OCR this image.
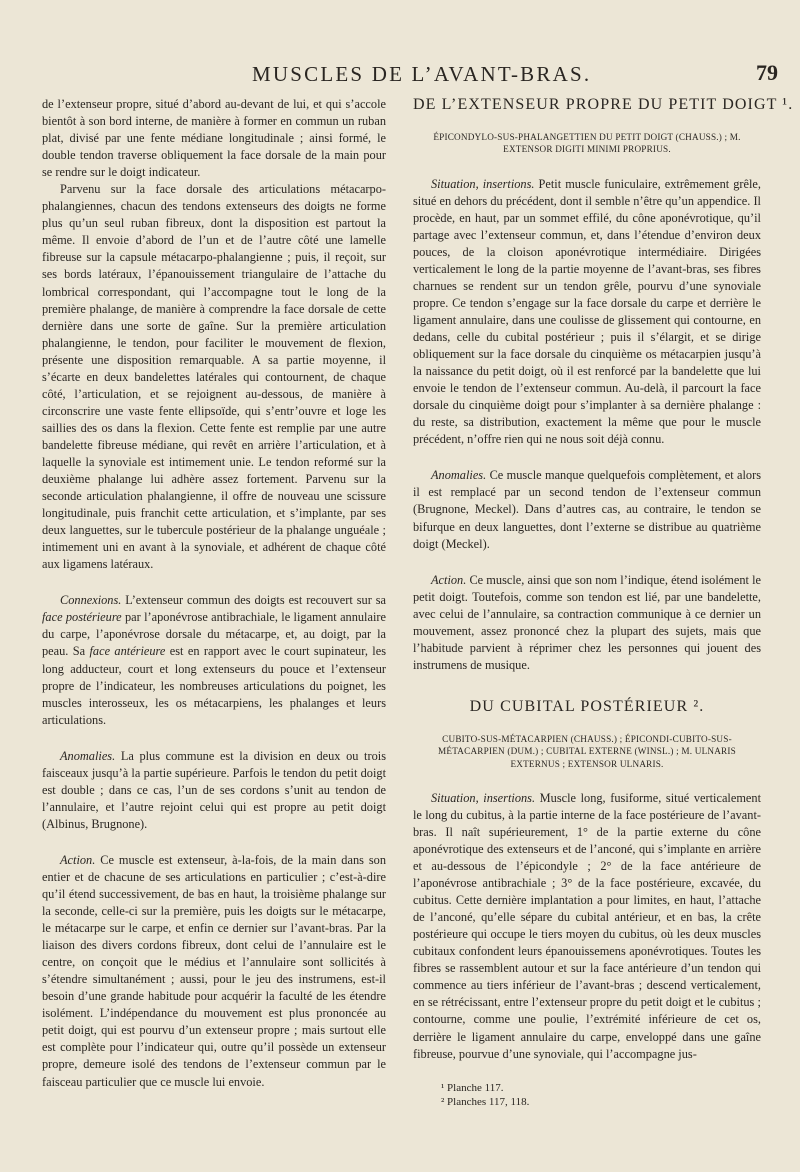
MUSCLES DE L’AVANT-BRAS.	79

de l’extenseur propre, situé d’abord au-devant de lui, et qui s’accole bientôt à son bord interne, de manière à former en commun un ruban plat, divisé par une fente médiane longitudinale ; ainsi formé, le double tendon traverse obliquement la face dorsale de la main pour se rendre sur le doigt indicateur.

Parvenu sur la face dorsale des articulations métacarpo-phalangiennes, chacun des tendons extenseurs des doigts ne forme plus qu’un seul ruban fibreux, dont la disposition est partout la même. Il envoie d’abord de l’un et de l’autre côté une lamelle fibreuse sur la capsule métacarpo-phalangienne ; puis, il reçoit, sur ses bords latéraux, l’épanouissement triangulaire de l’attache du lombrical correspondant, qui l’accompagne tout le long de la première phalange, de manière à comprendre la face dorsale de cette dernière dans une sorte de gaîne. Sur la première articulation phalangienne, le tendon, pour faciliter le mouvement de flexion, présente une disposition remarquable. A sa partie moyenne, il s’écarte en deux bandelettes latérales qui contournent, de chaque côté, l’articulation, et se rejoignent au-dessous, de manière à circonscrire une vaste fente ellipsoïde, qui s’entr’ouvre et loge les saillies des os dans la flexion. Cette fente est remplie par une autre bandelette fibreuse médiane, qui revêt en arrière l’articulation, et à laquelle la synoviale est intimement unie. Le tendon reformé sur la deuxième phalange lui adhère assez fortement. Parvenu sur la seconde articulation phalangienne, il offre de nouveau une scissure longitudinale, puis franchit cette articulation, et s’implante, par ses deux languettes, sur le tubercule postérieur de la phalange unguéale ; intimement uni en avant à la synoviale, et adhérent de chaque côté aux ligamens latéraux.

Connexions. L’extenseur commun des doigts est recouvert sur sa face postérieure par l’aponévrose antibrachiale, le ligament annulaire du carpe, l’aponévrose dorsale du métacarpe, et, au doigt, par la peau. Sa face antérieure est en rapport avec le court supinateur, les long adducteur, court et long extenseurs du pouce et l’extenseur propre de l’indicateur, les nombreuses articulations du poignet, les muscles interosseux, les os métacarpiens, les phalanges et leurs articulations.

Anomalies. La plus commune est la division en deux ou trois faisceaux jusqu’à la partie supérieure. Parfois le tendon du petit doigt est double ; dans ce cas, l’un de ses cordons s’unit au tendon de l’annulaire, et l’autre rejoint celui qui est propre au petit doigt (Albinus, Brugnone).

Action. Ce muscle est extenseur, à-la-fois, de la main dans son entier et de chacune de ses articulations en particulier ; c’est-à-dire qu’il étend successivement, de bas en haut, la troisième phalange sur la seconde, celle-ci sur la première, puis les doigts sur le métacarpe, le métacarpe sur le carpe, et enfin ce dernier sur l’avant-bras. Par la liaison des divers cordons fibreux, dont celui de l’annulaire est le centre, on conçoit que le médius et l’annulaire sont sollicités à s’étendre simultanément ; aussi, pour le jeu des instrumens, est-il besoin d’une grande habitude pour acquérir la faculté de les étendre isolément. L’indépendance du mouvement est plus prononcée au petit doigt, qui est pourvu d’un extenseur propre ; mais surtout elle est complète pour l’indicateur qui, outre qu’il possède un extenseur propre, demeure isolé des tendons de l’extenseur commun par le faisceau particulier que ce muscle lui envoie.

DE L’EXTENSEUR PROPRE DU PETIT DOIGT ¹.
ÉPICONDYLO-SUS-PHALANGETTIEN DU PETIT DOIGT (CHAUSS.) ; M. EXTENSOR DIGITI MINIMI PROPRIUS.

Situation, insertions. Petit muscle funiculaire, extrêmement grêle, situé en dehors du précédent, dont il semble n’être qu’un appendice. Il procède, en haut, par un sommet effilé, du cône aponévrotique, qu’il partage avec l’extenseur commun, et, dans l’étendue d’environ deux pouces, de la cloison aponévrotique intermédiaire. Dirigées verticalement le long de la partie moyenne de l’avant-bras, ses fibres charnues se rendent sur un tendon grêle, pourvu d’une synoviale propre. Ce tendon s’engage sur la face dorsale du carpe et derrière le ligament annulaire, dans une coulisse de glissement qui contourne, en dedans, celle du cubital postérieur ; puis il s’élargit, et se dirige obliquement sur la face dorsale du cinquième os métacarpien jusqu’à la naissance du petit doigt, où il est renforcé par la bandelette que lui envoie le tendon de l’extenseur commun. Au-delà, il parcourt la face dorsale du cinquième doigt pour s’implanter à sa dernière phalange : du reste, sa distribution, exactement la même que pour le muscle précédent, n’offre rien qui ne nous soit déjà connu.

Anomalies. Ce muscle manque quelquefois complètement, et alors il est remplacé par un second tendon de l’extenseur commun (Brugnone, Meckel). Dans d’autres cas, au contraire, le tendon se bifurque en deux languettes, dont l’externe se distribue au quatrième doigt (Meckel).

Action. Ce muscle, ainsi que son nom l’indique, étend isolément le petit doigt. Toutefois, comme son tendon est lié, par une bandelette, avec celui de l’annulaire, sa contraction communique à ce dernier un mouvement, assez prononcé chez la plupart des sujets, mais que l’habitude parvient à réprimer chez les personnes qui jouent des instrumens de musique.

DU CUBITAL POSTÉRIEUR ².
CUBITO-SUS-MÉTACARPIEN (CHAUSS.) ; ÉPICONDI-CUBITO-SUS-MÉTACARPIEN (DUM.) ; CUBITAL EXTERNE (WINSL.) ; M. ULNARIS EXTERNUS ; EXTENSOR ULNARIS.

Situation, insertions. Muscle long, fusiforme, situé verticalement le long du cubitus, à la partie interne de la face postérieure de l’avant-bras. Il naît supérieurement, 1° de la partie externe du cône aponévrotique des extenseurs et de l’anconé, qui s’implante en arrière et au-dessous de l’épicondyle ; 2° de la face antérieure de l’aponévrose antibrachiale ; 3° de la face postérieure, excavée, du cubitus. Cette dernière implantation a pour limites, en haut, l’attache de l’anconé, qu’elle sépare du cubital antérieur, et en bas, la crête postérieure qui occupe le tiers moyen du cubitus, où les deux muscles cubitaux confondent leurs épanouissemens aponévrotiques. Toutes les fibres se rassemblent autour et sur la face antérieure d’un tendon qui commence au tiers inférieur de l’avant-bras ; descend verticalement, en se rétrécissant, entre l’extenseur propre du petit doigt et le cubitus ; contourne, comme une poulie, l’extrémité inférieure de cet os, derrière le ligament annulaire du carpe, enveloppé dans une gaîne fibreuse, pourvue d’une synoviale, qui l’accompagne jus-

¹ Planche 117.
² Planches 117, 118.
